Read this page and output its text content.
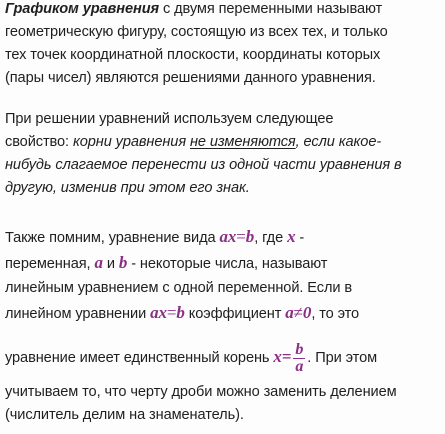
Графиком уравнения с двумя переменными называют
геометрическую фигуру, состоящую из всех тех, и только
тех точек координатной плоскости, координаты которых
(пары чисел) являются решениями данного уравнения.
При решении уравнений используем следующее
свойство: корни уравнения не изменяются, если какое-
нибудь слагаемое перенести из одной части уравнения в
другую, изменив при этом его знак.
Также помним, уравнение вида ax=b, где x -
переменная, a и b - некоторые числа, называют
линейным уравнением с одной переменной. Если в
линейном уравнении ax=b коэффициент a≠0, то это
уравнение имеет единственный корень $x= \frac{b}{a}$ . При этом
учитываем то, что черту дроби можно заменить делением
(числитель делим на знаменатель).
